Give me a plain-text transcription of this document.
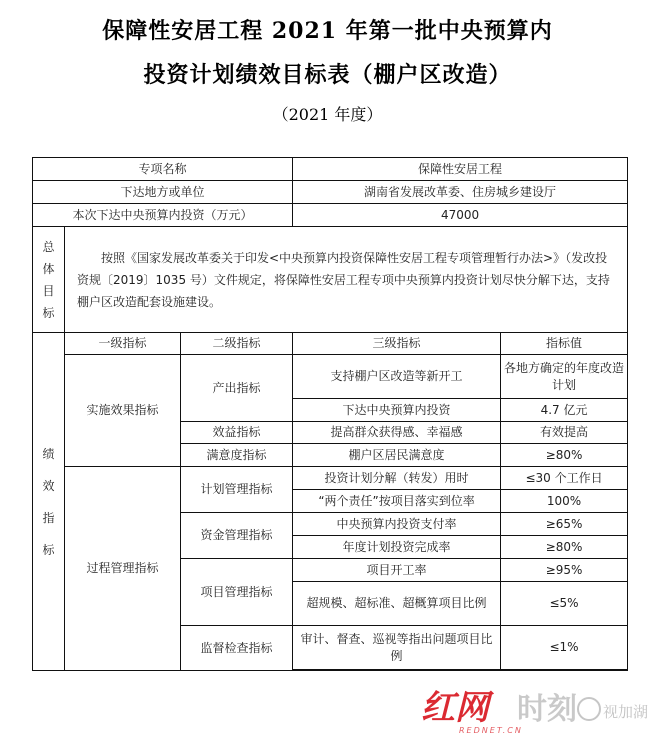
保障性安居工程 2021 年第一批中央预算内
投资计划绩效目标表（棚户区改造）
（2021 年度）
专项名称			保障性安居工程	
下达地方或单位			湖南省发展改革委、住房城乡建设厅	
本次下达中央预算内投资（万元）			47000	
总体目标	按照《国家发展改革委关于印发<中央预算内投资保障性安居工程专项管理暂行办法>》（发改投资规〔2019〕1035 号）文件规定，将保障性安居工程专项中央预算内投资计划尽快分解下达，支持棚户区改造配套设施建设。			
绩效指标	一级指标	二级指标	三级指标	指标值
	实施效果指标	产出指标	支持棚户区改造等新开工	各地方确定的年度改造计划
			下达中央预算内投资	4.7 亿元
		效益指标	提高群众获得感、幸福感	有效提高
		满意度指标	棚户区居民满意度	≥80%
	过程管理指标	计划管理指标	投资计划分解（转发）用时	≤30 个工作日
			“两个责任”按项目落实到位率	100%
		资金管理指标	中央预算内投资支付率	≥65%
			年度计划投资完成率	≥80%
		项目管理指标	项目开工率	≥95%
			超规模、超标准、超概算项目比例	≤5%
		监督检查指标	审计、督查、巡视等指出问题项目比例	≤1%

红网 时刻 视加湖
REDNET.CN
